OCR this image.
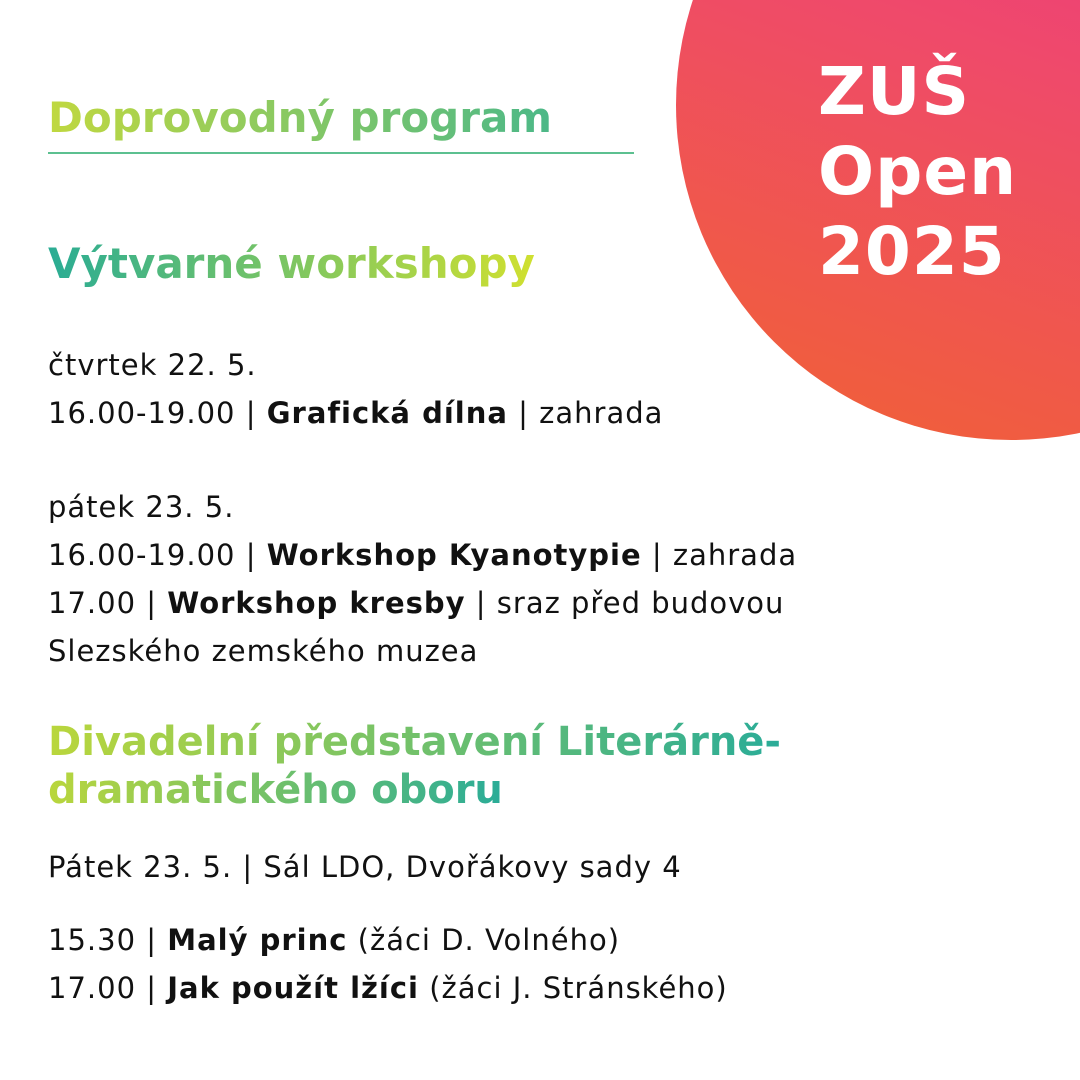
ZUŠ
Open
2025
Doprovodný program
Výtvarné workshopy

čtvrtek 22. 5.

16.00-19.00 | Grafická dílna | zahrada

pátek 23. 5.

16.00-19.00 | Workshop Kyanotypie | zahrada

17.00 | Workshop kresby | sraz před budovou

Slezského zemského muzea

Divadelní představení Literárně-
dramatického oboru

Pátek 23. 5. | Sál LDO, Dvořákovy sady 4

15.30 | Malý princ (žáci D. Volného)

17.00 | Jak použít lžíci (žáci J. Stránského)
